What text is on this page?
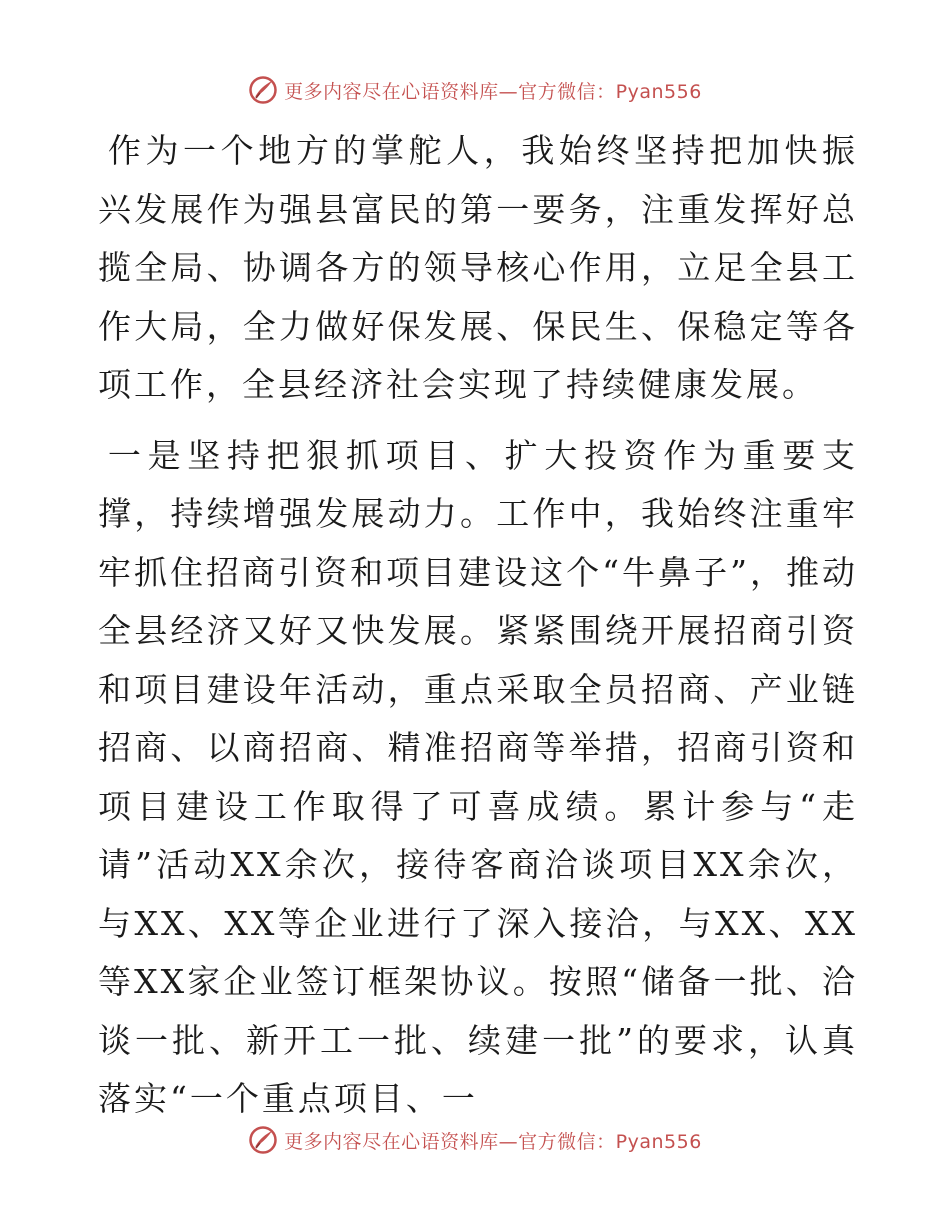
更多内容尽在心语资料库—官方微信：Pyan556

作为一个地方的掌舵人，我始终坚持把加快振兴发展作为强县富民的第一要务，注重发挥好总揽全局、协调各方的领导核心作用，立足全县工作大局，全力做好保发展、保民生、保稳定等各项工作，全县经济社会实现了持续健康发展。

一是坚持把狠抓项目、扩大投资作为重要支撑，持续增强发展动力。工作中，我始终注重牢牢抓住招商引资和项目建设这个“牛鼻子”，推动全县经济又好又快发展。紧紧围绕开展招商引资和项目建设年活动，重点采取全员招商、产业链招商、以商招商、精准招商等举措，招商引资和项目建设工作取得了可喜成绩。累计参与“走请”活动XX余次，接待客商洽谈项目XX余次，与XX、XX等企业进行了深入接洽，与XX、XX等XX家企业签订框架协议。按照“储备一批、洽谈一批、新开工一批、续建一批”的要求，认真落实“一个重点项目、一

更多内容尽在心语资料库—官方微信：Pyan556
